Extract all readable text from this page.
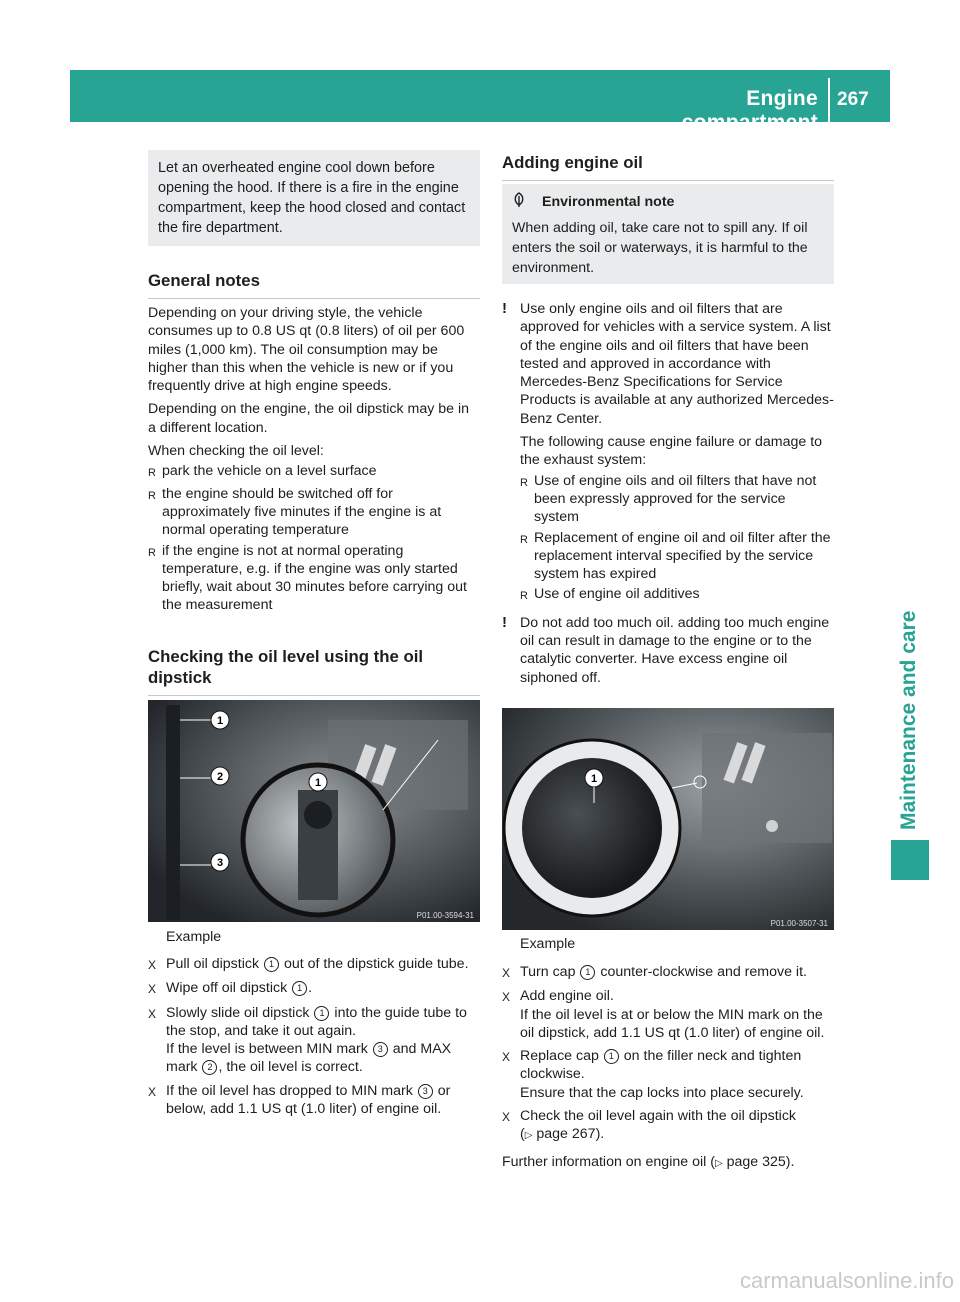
Engine compartment
267
Maintenance and care

Let an overheated engine cool down before opening the hood. If there is a fire in the engine compartment, keep the hood closed and contact the fire department.

General notes

Depending on your driving style, the vehicle consumes up to 0.8 US qt (0.8 liters) of oil per 600 miles (1,000 km). The oil consumption may be higher than this when the vehicle is new or if you frequently drive at high engine speeds.

Depending on the engine, the oil dipstick may be in a different location.

When checking the oil level:

R park the vehicle on a level surface
R the engine should be switched off for approximately five minutes if the engine is at normal operating temperature
R if the engine is not at normal operating temperature, e.g. if the engine was only started briefly, wait about 30 minutes before carrying out the measurement
Checking the oil level using the oil dipstick
1
2
3
1
P01.00-3594-31
Example
X Pull oil dipstick 1 out of the dipstick guide tube.
X Wipe off oil dipstick 1 .
X Slowly slide oil dipstick 1 into the guide tube to the stop, and take it out again.
If the level is between MIN mark 3 and MAX mark 2 , the oil level is correct.
X If the oil level has dropped to MIN mark 3 or below, add 1.1 US qt (1.0 liter) of engine oil.
Adding engine oil
Environmental note

When adding oil, take care not to spill any. If oil enters the soil or waterways, it is harmful to the environment.

! Use only engine oils and oil filters that are approved for vehicles with a service system. A list of the engine oils and oil filters that have been tested and approved in accordance with Mercedes-Benz Specifications for Service Products is available at any authorized Mercedes-Benz Center.

The following cause engine failure or damage to the exhaust system:

R Use of engine oils and oil filters that have not been expressly approved for the service system
R Replacement of engine oil and oil filter after the replacement interval specified by the service system has expired
R Use of engine oil additives
! Do not add too much oil. adding too much engine oil can result in damage to the engine or to the catalytic converter. Have excess engine oil siphoned off.
1
P01.00-3507-31
Example
X Turn cap 1 counter-clockwise and remove it.
X Add engine oil.
If the oil level is at or below the MIN mark on the oil dipstick, add 1.1 US qt (1.0 liter) of engine oil.
X Replace cap 1 on the filler neck and tighten clockwise.
Ensure that the cap locks into place securely.
X Check the oil level again with the oil dipstick
(▷ page 267).

Further information on engine oil (▷ page 325).

carmanualsonline.info
